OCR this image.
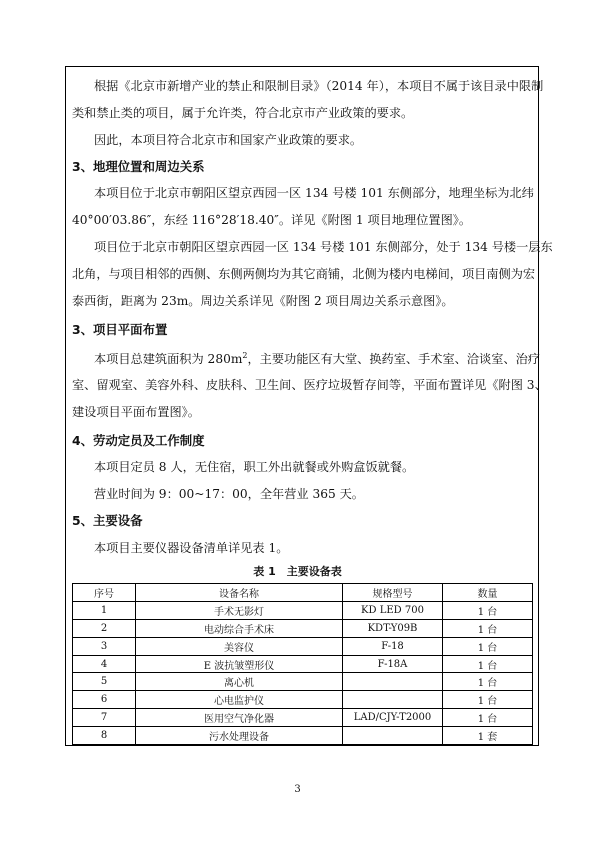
根据《北京市新增产业的禁止和限制目录》（2014 年），本项目不属于该目录中限制
类和禁止类的项目，属于允许类，符合北京市产业政策的要求。
因此，本项目符合北京市和国家产业政策的要求。
3、地理位置和周边关系
本项目位于北京市朝阳区望京西园一区 134 号楼 101 东侧部分，地理坐标为北纬
40°00′03.86″，东经 116°28′18.40″。详见《附图 1 项目地理位置图》。
项目位于北京市朝阳区望京西园一区 134 号楼 101 东侧部分，处于 134 号楼一层东
北角，与项目相邻的西侧、东侧两侧均为其它商铺，北侧为楼内电梯间，项目南侧为宏
泰西街，距离为 23m。周边关系详见《附图 2 项目周边关系示意图》。
3、项目平面布置
本项目总建筑面积为 $280m^2$，主要功能区有大堂、换药室、手术室、洽谈室、治疗
室、留观室、美容外科、皮肤科、卫生间、医疗垃圾暂存间等，平面布置详见《附图 3、
建设项目平面布置图》。
4、劳动定员及工作制度
本项目定员 8 人，无住宿，职工外出就餐或外购盒饭就餐。
营业时间为 9：00~17：00，全年营业 365 天。
5、主要设备
本项目主要仪器设备清单详见表 1。
表 1　主要设备表
序号	设备名称	规格型号	数量
1	手术无影灯	KD LED 700	1 台
2	电动综合手术床	KDT-Y09B	1 台
3	美容仪	F-18	1 台
4	E 波抗皱塑形仪	F-18A	1 台
5	离心机		1 台
6	心电监护仪		1 台
7	医用空气净化器	LAD/CJY-T2000	1 台
8	污水处理设备		1 套
3
